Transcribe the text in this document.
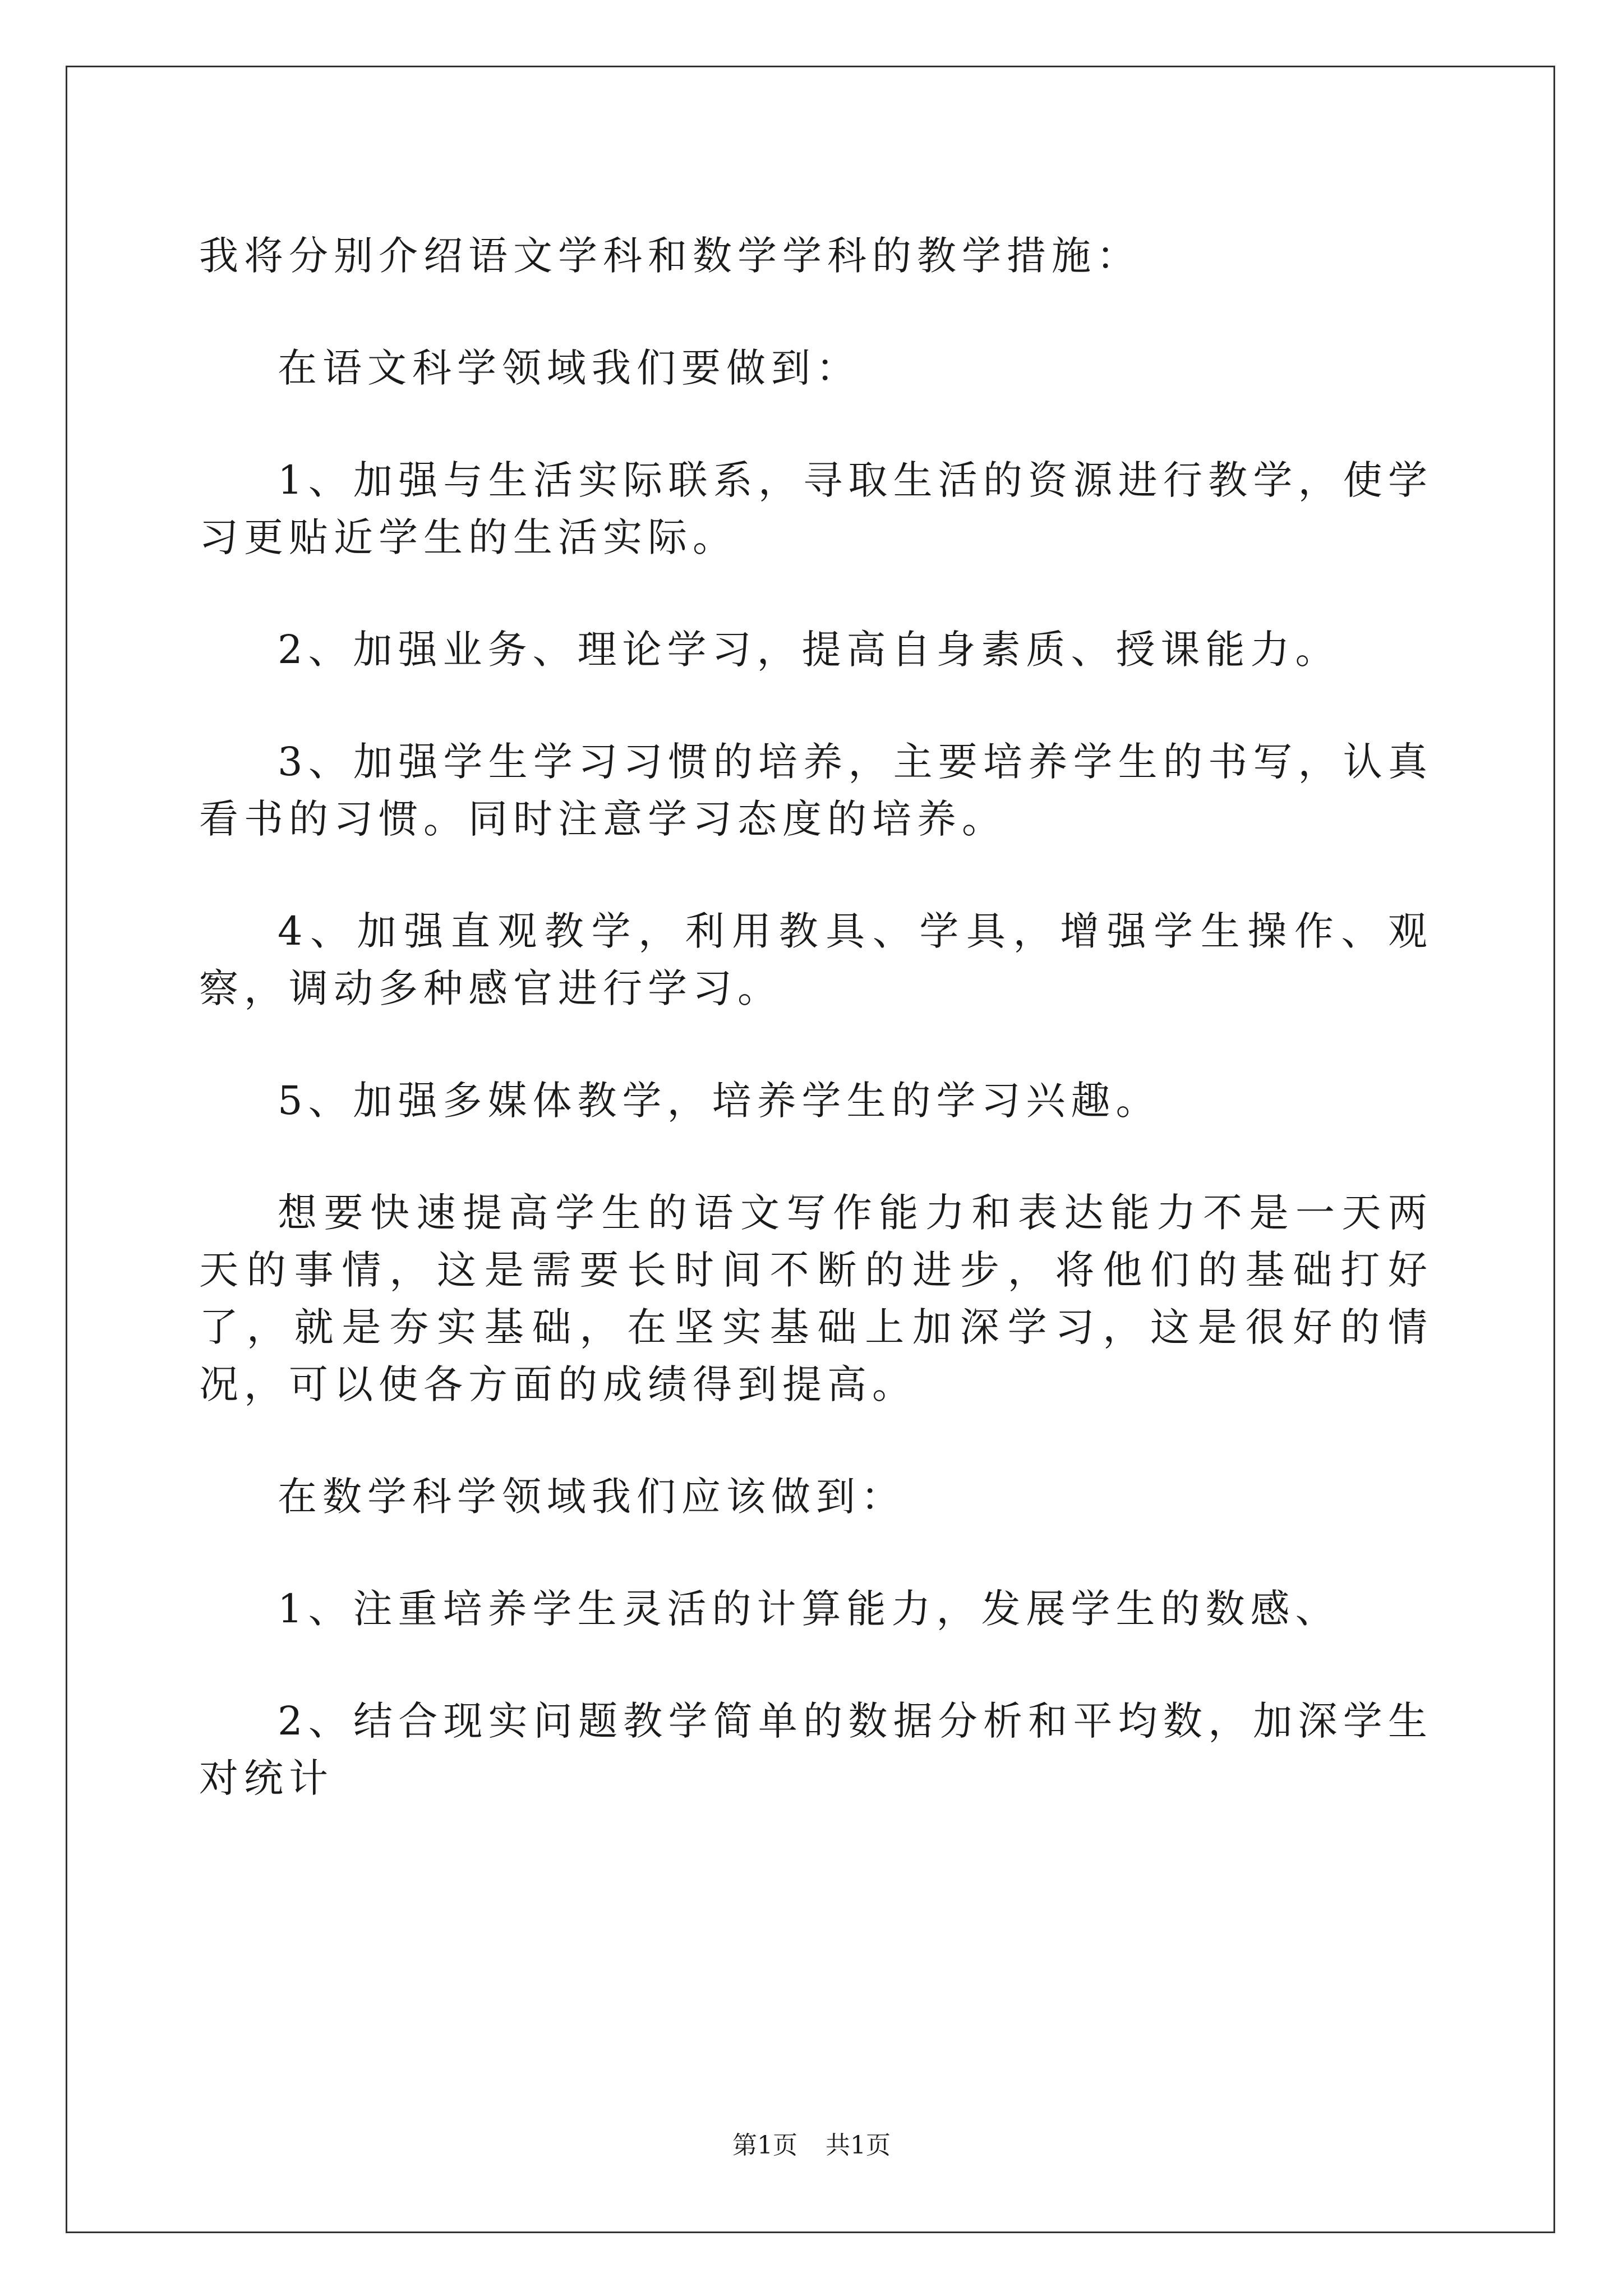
我将分别介绍语文学科和数学学科的教学措施：

在语文科学领域我们要做到：

1、加强与生活实际联系，寻取生活的资源进行教学，使学习更贴近学生的生活实际。

2、加强业务、理论学习，提高自身素质、授课能力。

3、加强学生学习习惯的培养，主要培养学生的书写，认真看书的习惯。同时注意学习态度的培养。

4、加强直观教学，利用教具、学具，增强学生操作、观察，调动多种感官进行学习。

5、加强多媒体教学，培养学生的学习兴趣。

想要快速提高学生的语文写作能力和表达能力不是一天两天的事情，这是需要长时间不断的进步，将他们的基础打好了，就是夯实基础，在坚实基础上加深学习，这是很好的情况，可以使各方面的成绩得到提高。

在数学科学领域我们应该做到：

1、注重培养学生灵活的计算能力，发展学生的数感、

2、结合现实问题教学简单的数据分析和平均数，加深学生对统计

第1页 共1页
